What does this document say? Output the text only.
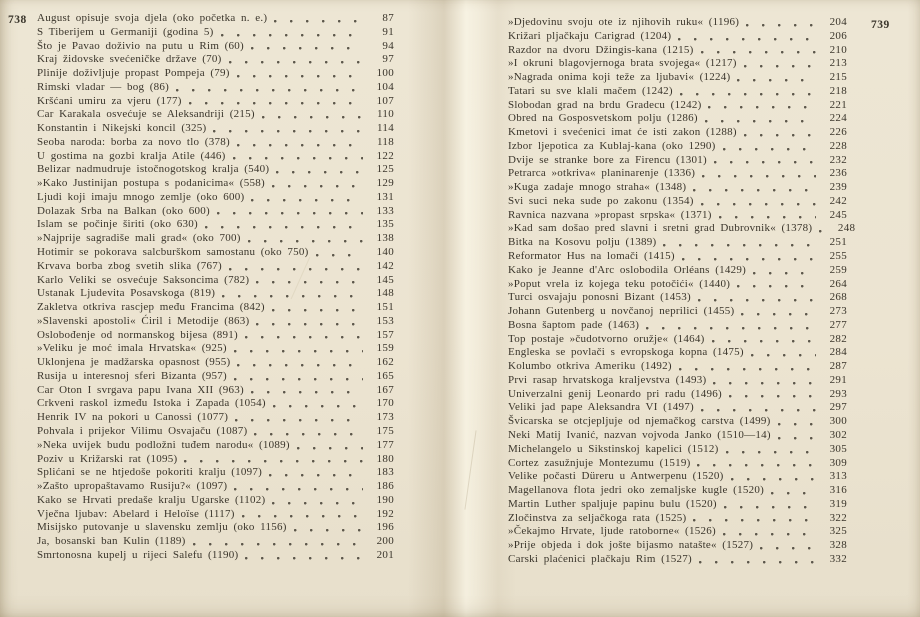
738 August opisuje svoja djela (oko početka n. e.)	87
S Tiberijem u Germaniji (godina 5)	91
Što je Pavao doživio na putu u Rim (60)	94
Kraj židovske svećeničke države (70)	97
Plinije doživljuje propast Pompeja (79)	100
Rimski vladar — bog (86)	104
Kršćani umiru za vjeru (177)	107
Car Karakala osvećuje se Aleksandriji (215)	110
Konstantin i Nikejski koncil (325)	114
Seoba naroda: borba za novo tlo (378)	118
U gostima na gozbi kralja Atile (446)	122
Belizar nadmudruje istočnogotskog kralja (540)	125
»Kako Justinijan postupa s podanicima« (558)	129
Ljudi koji imaju mnogo zemlje (oko 600)	131
Dolazak Srba na Balkan (oko 600)	133
Islam se počinje širiti (oko 630)	135
»Najprije sagradiše mali grad« (oko 700)	138
Hotimir se pokorava salcburškom samostanu (oko 750)	140
Krvava borba zbog svetih slika (767)	142
Karlo Veliki se osvećuje Saksoncima (782)	145
Ustanak Ljudevita Posavskoga (819)	148
Zakletva otkriva rascjep među Francima (842)	151
»Slavenski apostoli« Ćiril i Metodije (863)	153
Oslobođenje od normanskog bijesa (891)	157
»Veliku je moć imala Hrvatska« (925)	159
Uklonjena je madžarska opasnost (955)	162
Rusija u interesnoj sferi Bizanta (957)	165
Car Oton I svrgava papu Ivana XII (963)	167
Crkveni raskol između Istoka i Zapada (1054)	170
Henrik IV na pokori u Canossi (1077)	173
Pohvala i prijekor Vilimu Osvajaču (1087)	175
»Neka uvijek budu podložni tuđem narodu« (1089)	177
Poziv u Križarski rat (1095)	180
Splićani se ne htjedoše pokoriti kralju (1097)	183
»Zašto upropaštavamo Rusiju?« (1097)	186
Kako se Hrvati predaše kralju Ugarske (1102)	190
Vječna ljubav: Abelard i Heloïse (1117)	192
Misijsko putovanje u slavensku zemlju (oko 1156)	196
Ja, bosanski ban Kulin (1189)	200
Smrtonosna kupelj u rijeci Salefu (1190)	201
»Djedovinu svoju ote iz njihovih ruku« (1196)	204
Križari pljačkaju Carigrad (1204)	206
Razdor na dvoru Džingis-kana (1215)	210
»I okruni blagovjernoga brata svojega« (1217)	213
»Nagrada onima koji teže za ljubavi« (1224)	215
Tatari su sve klali mačem (1242)	218
Slobodan grad na brdu Gradecu (1242)	221
Obred na Gosposvetskom polju (1286)	224
Kmetovi i svećenici imat će isti zakon (1288)	226
Izbor ljepotica za Kublaj-kana (oko 1290)	228
Dvije se stranke bore za Firencu (1301)	232
Petrarca »otkriva« planinarenje (1336)	236
»Kuga zadaje mnogo straha« (1348)	239
Svi suci neka sude po zakonu (1354)	242
Ravnica nazvana »propast srpska« (1371)	245
»Kad sam došao pred slavni i sretni grad Dubrovnik« (1378)	248
Bitka na Kosovu polju (1389)	251
Reformator Hus na lomači (1415)	255
Kako je Jeanne d'Arc oslobodila Orléans (1429)	259
»Poput vrela iz kojega teku potočići« (1440)	264
Turci osvajaju ponosni Bizant (1453)	268
Johann Gutenberg u novčanoj neprilici (1455)	273
Bosna šaptom pade (1463)	277
Top postaje »čudotvorno oružje« (1464)	282
Engleska se povlači s evropskoga kopna (1475)	284
Kolumbo otkriva Ameriku (1492)	287
Prvi rasap hrvatskoga kraljevstva (1493)	291
Univerzalni genij Leonardo pri radu (1496)	293
Veliki jad pape Aleksandra VI (1497)	297
Švicarska se otcjepljuje od njemačkog carstva (1499)	300
Neki Matij Ivanić, nazvan vojvoda Janko (1510—14)	302
Michelangelo u Sikstinskoj kapelici (1512)	305
Cortez zasužnjuje Montezumu (1519)	309
Velike počasti Düreru u Antwerpenu (1520)	313
Magellanova flota jedri oko zemaljske kugle (1520)	316
Martin Luther spaljuje papinu bulu (1520)	319
Zločinstva za seljačkoga rata (1525)	322
»Čekajmo Hrvate, ljude ratoborne« (1526)	325
»Prije objeda i dok jošte bijasmo natašte« (1527)	328
Carski plaćenici plačkaju Rim (1527)	332
739
